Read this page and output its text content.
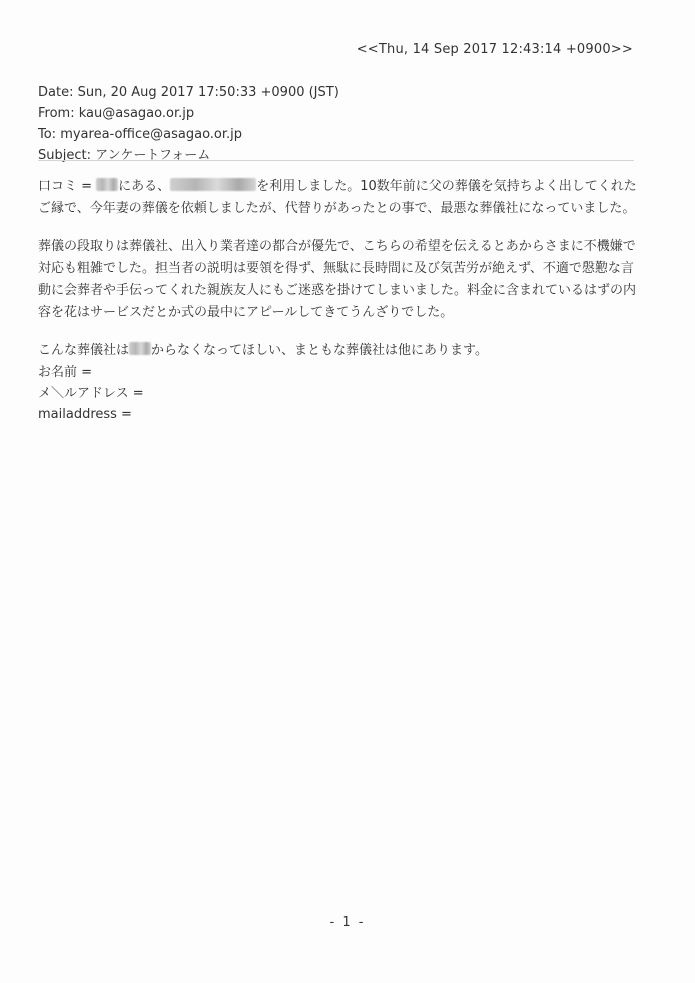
<<Thu, 14 Sep 2017 12:43:14 +0900>>
Date: Sun, 20 Aug 2017 17:50:33 +0900 (JST)
From: kau@asagao.or.jp
To: myarea-office@asagao.or.jp
Subject: アンケートフォーム

口コミ = にある、	を利用しました。10数年前に父の葬儀を気持ちよく出してくれたご縁で、今年妻の葬儀を依頼しましたが、代替りがあったとの事で、最悪な葬儀社になっていました。

葬儀の段取りは葬儀社、出入り業者達の都合が優先で、こちらの希望を伝えるとあからさまに不機嫌で対応も粗雑でした。担当者の説明は要領を得ず、無駄に長時間に及び気苦労が絶えず、不適で慇懃な言動に会葬者や手伝ってくれた親族友人にもご迷惑を掛けてしまいました。料金に含まれているはずの内容を花はサービスだとか式の最中にアピールしてきてうんざりでした。

こんな葬儀社は からなくなってほしい、まともな葬儀社は他にあります。

お名前 =
メ＼ルアドレス =
mailaddress =
- 1 -
